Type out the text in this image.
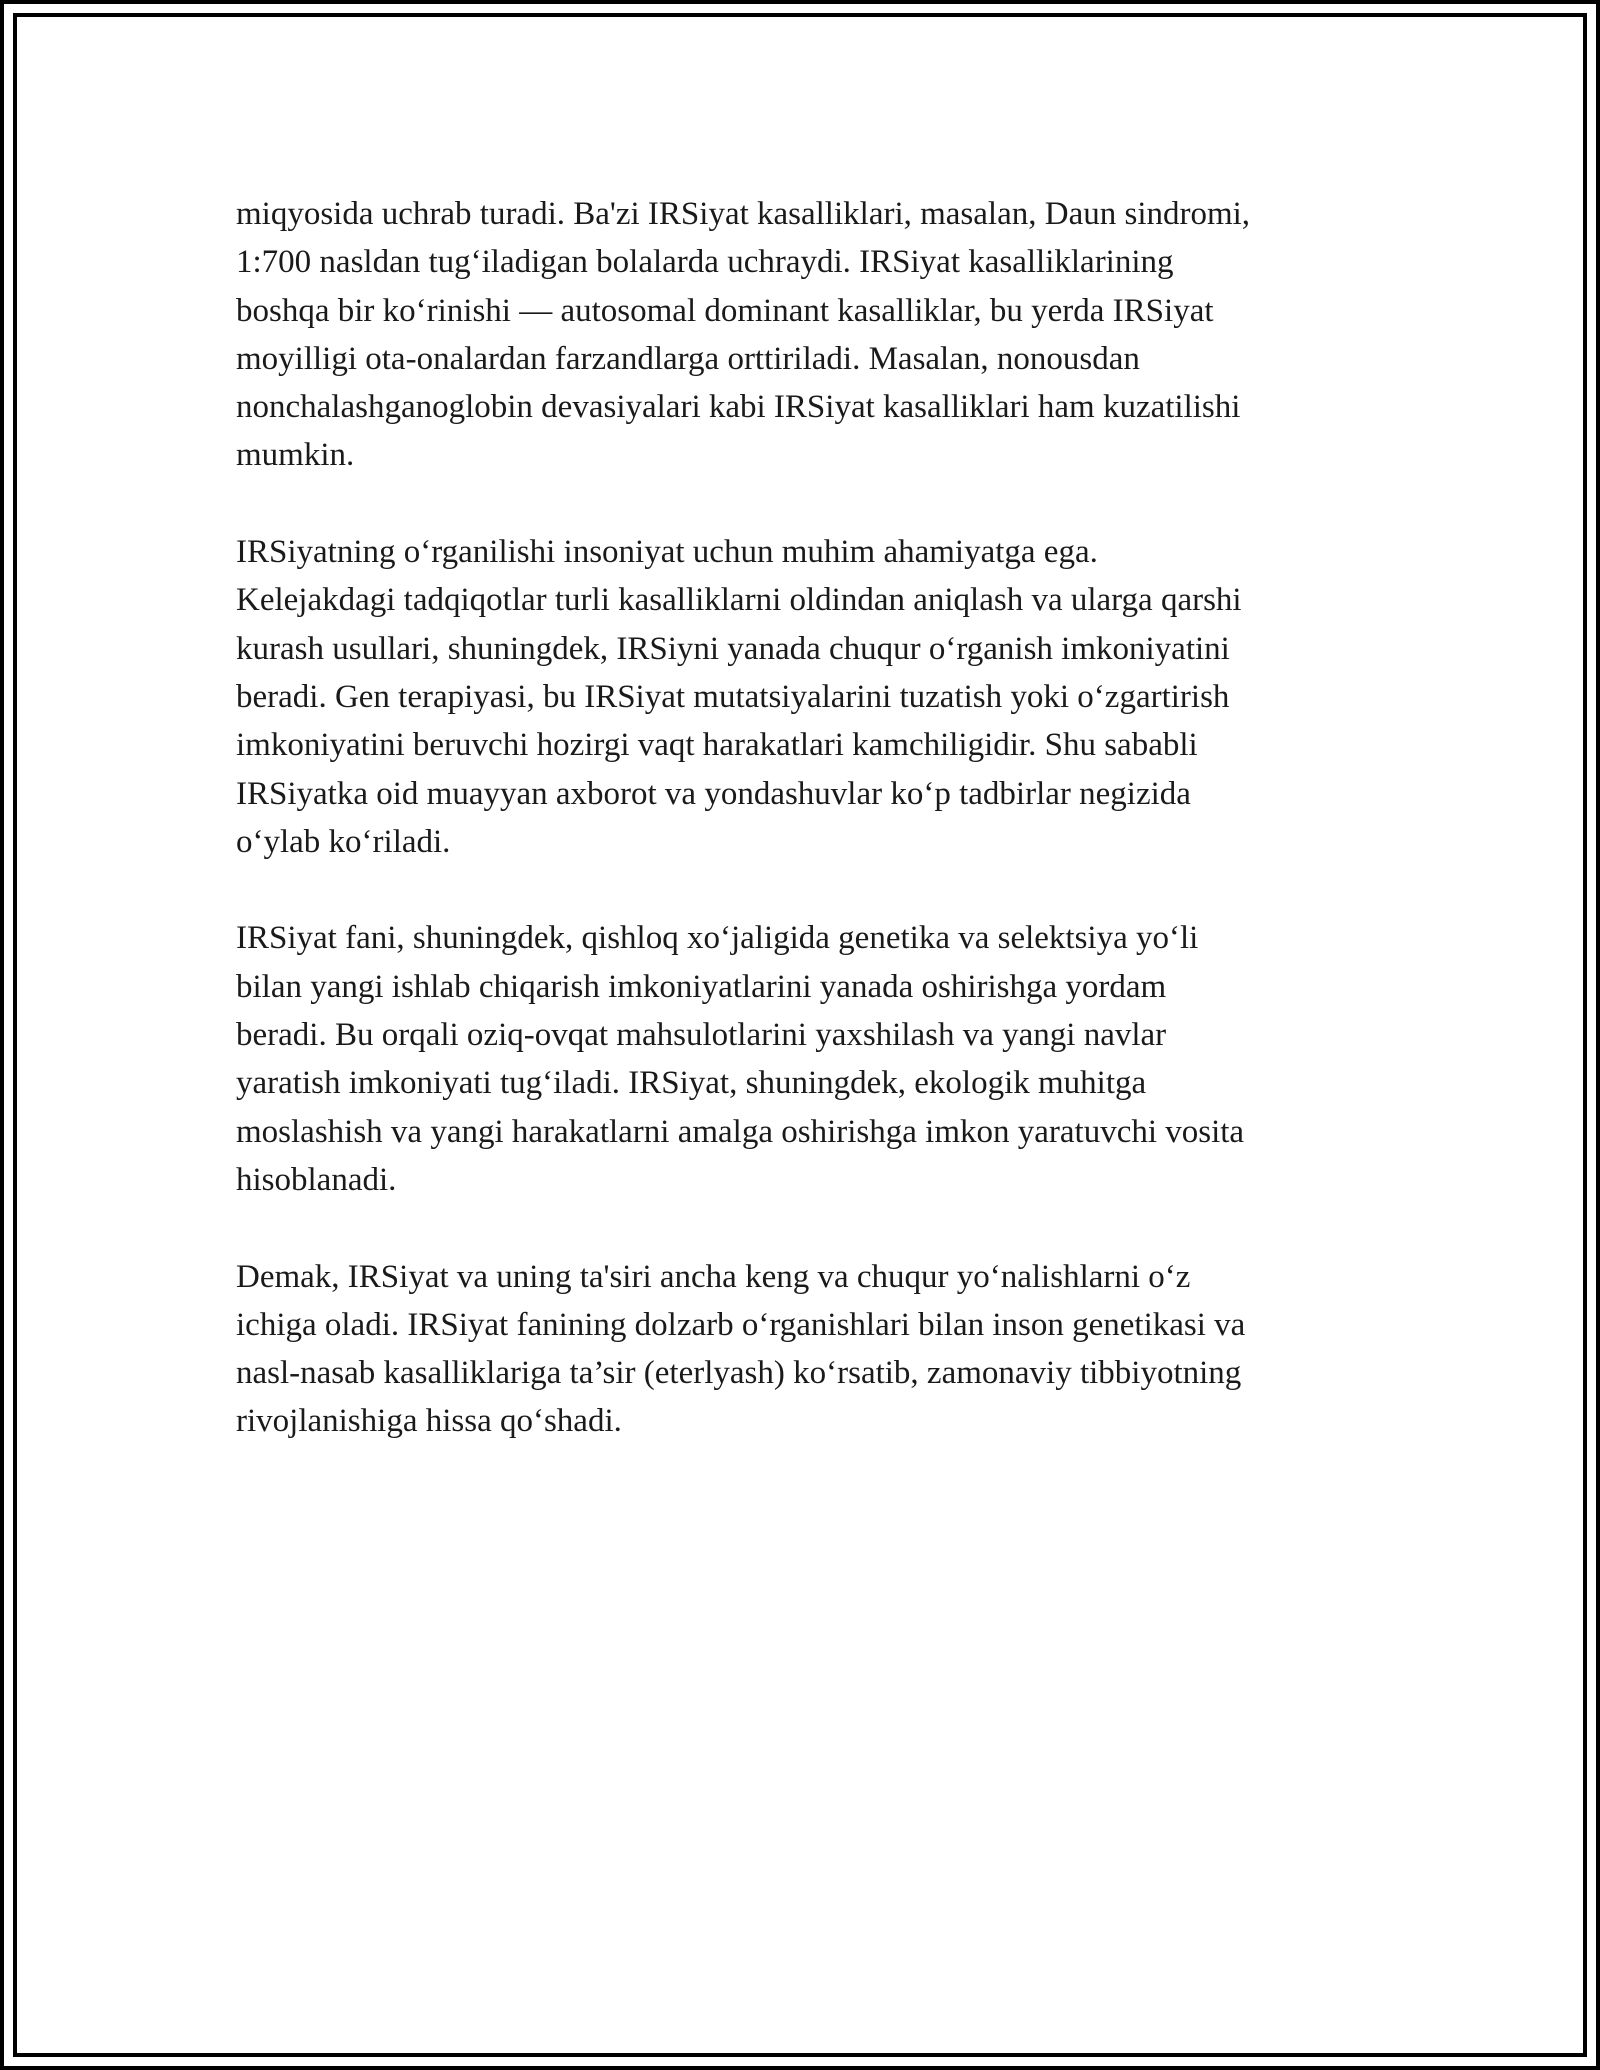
miqyosida uchrab turadi. Ba'zi IRSiyat kasalliklari, masalan, Daun sindromi,
1:700 nasldan tug‘iladigan bolalarda uchraydi. IRSiyat kasalliklarining
boshqa bir ko‘rinishi — autosomal dominant kasalliklar, bu yerda IRSiyat
moyilligi ota-onalardan farzandlarga orttiriladi. Masalan, nonousdan
nonchalashganoglobin devasiyalari kabi IRSiyat kasalliklari ham kuzatilishi
mumkin.

IRSiyatning o‘rganilishi insoniyat uchun muhim ahamiyatga ega.
Kelejakdagi tadqiqotlar turli kasalliklarni oldindan aniqlash va ularga qarshi
kurash usullari, shuningdek, IRSiyni yanada chuqur o‘rganish imkoniyatini
beradi. Gen terapiyasi, bu IRSiyat mutatsiyalarini tuzatish yoki o‘zgartirish
imkoniyatini beruvchi hozirgi vaqt harakatlari kamchiligidir. Shu sababli
IRSiyatka oid muayyan axborot va yondashuvlar ko‘p tadbirlar negizida
o‘ylab ko‘riladi.

IRSiyat fani, shuningdek, qishloq xo‘jaligida genetika va selektsiya yo‘li
bilan yangi ishlab chiqarish imkoniyatlarini yanada oshirishga yordam
beradi. Bu orqali oziq-ovqat mahsulotlarini yaxshilash va yangi navlar
yaratish imkoniyati tug‘iladi. IRSiyat, shuningdek, ekologik muhitga
moslashish va yangi harakatlarni amalga oshirishga imkon yaratuvchi vosita
hisoblanadi.

Demak, IRSiyat va uning ta'siri ancha keng va chuqur yo‘nalishlarni o‘z
ichiga oladi. IRSiyat fanining dolzarb o‘rganishlari bilan inson genetikasi va
nasl-nasab kasalliklariga ta’sir (eterlyash) ko‘rsatib, zamonaviy tibbiyotning
rivojlanishiga hissa qo‘shadi.
